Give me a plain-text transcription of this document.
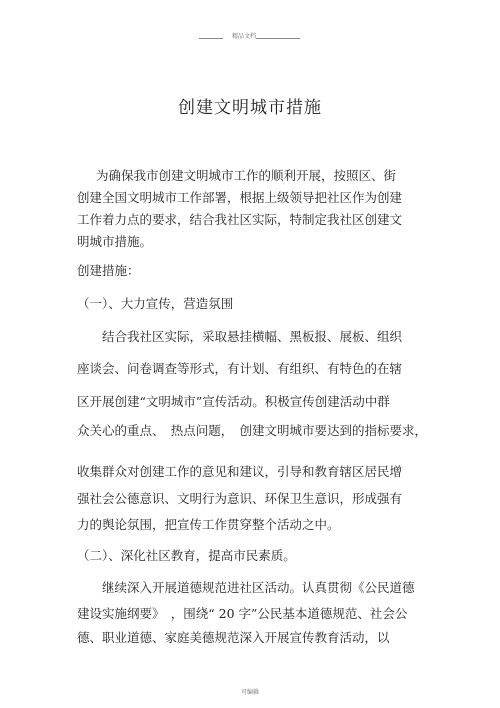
精品文档
创建文明城市措施
为确保我市创建文明城市工作的顺利开展，按照区、街
创建全国文明城市工作部署，根据上级领导把社区作为创建
工作着力点的要求，结合我社区实际，特制定我社区创建文
明城市措施。
创建措施：
（一）、大力宣传，营造氛围
结合我社区实际，采取悬挂横幅、黑板报、展板、组织
座谈会、问卷调查等形式，有计划、有组织、有特色的在辖
区开展创建“文明城市”宣传活动。积极宣传创建活动中群
众关心的重点、　热点问题，　创建文明城市要达到的指标要求，
收集群众对创建工作的意见和建议，引导和教育辖区居民增
强社会公德意识、文明行为意识、环保卫生意识，形成强有
力的舆论氛围，把宣传工作贯穿整个活动之中。
（二）、深化社区教育，提高市民素质。
继续深入开展道德规范进社区活动。认真贯彻《公民道德
建设实施纲要》　，围绕“ 20 字”公民基本道德规范、社会公
德、职业道德、家庭美德规范深入开展宣传教育活动，以
可编辑
